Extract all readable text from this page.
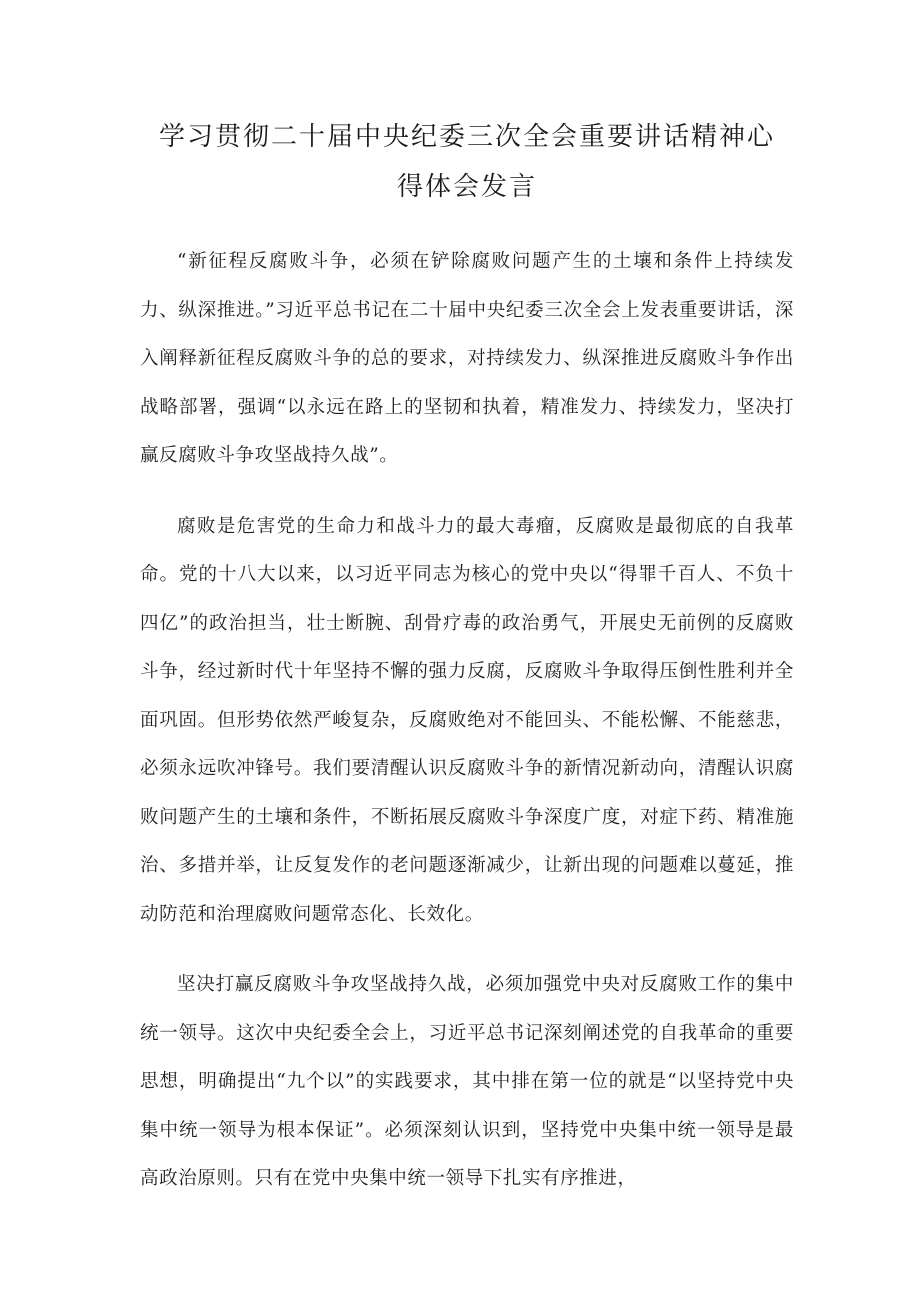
学习贯彻二十届中央纪委三次全会重要讲话精神心
得体会发言

“新征程反腐败斗争，必须在铲除腐败问题产生的土壤和条件上持续发力、纵深推进。”习近平总书记在二十届中央纪委三次全会上发表重要讲话，深入阐释新征程反腐败斗争的总的要求，对持续发力、纵深推进反腐败斗争作出战略部署，强调“以永远在路上的坚韧和执着，精准发力、持续发力，坚决打赢反腐败斗争攻坚战持久战”。

腐败是危害党的生命力和战斗力的最大毒瘤，反腐败是最彻底的自我革命。党的十八大以来，以习近平同志为核心的党中央以“得罪千百人、不负十四亿”的政治担当，壮士断腕、刮骨疗毒的政治勇气，开展史无前例的反腐败斗争，经过新时代十年坚持不懈的强力反腐，反腐败斗争取得压倒性胜利并全面巩固。但形势依然严峻复杂，反腐败绝对不能回头、不能松懈、不能慈悲，必须永远吹冲锋号。我们要清醒认识反腐败斗争的新情况新动向，清醒认识腐败问题产生的土壤和条件，不断拓展反腐败斗争深度广度，对症下药、精准施治、多措并举，让反复发作的老问题逐渐减少，让新出现的问题难以蔓延，推动防范和治理腐败问题常态化、长效化。

坚决打赢反腐败斗争攻坚战持久战，必须加强党中央对反腐败工作的集中统一领导。这次中央纪委全会上，习近平总书记深刻阐述党的自我革命的重要思想，明确提出“九个以”的实践要求，其中排在第一位的就是“以坚持党中央集中统一领导为根本保证”。必须深刻认识到，坚持党中央集中统一领导是最高政治原则。只有在党中央集中统一领导下扎实有序推进，
